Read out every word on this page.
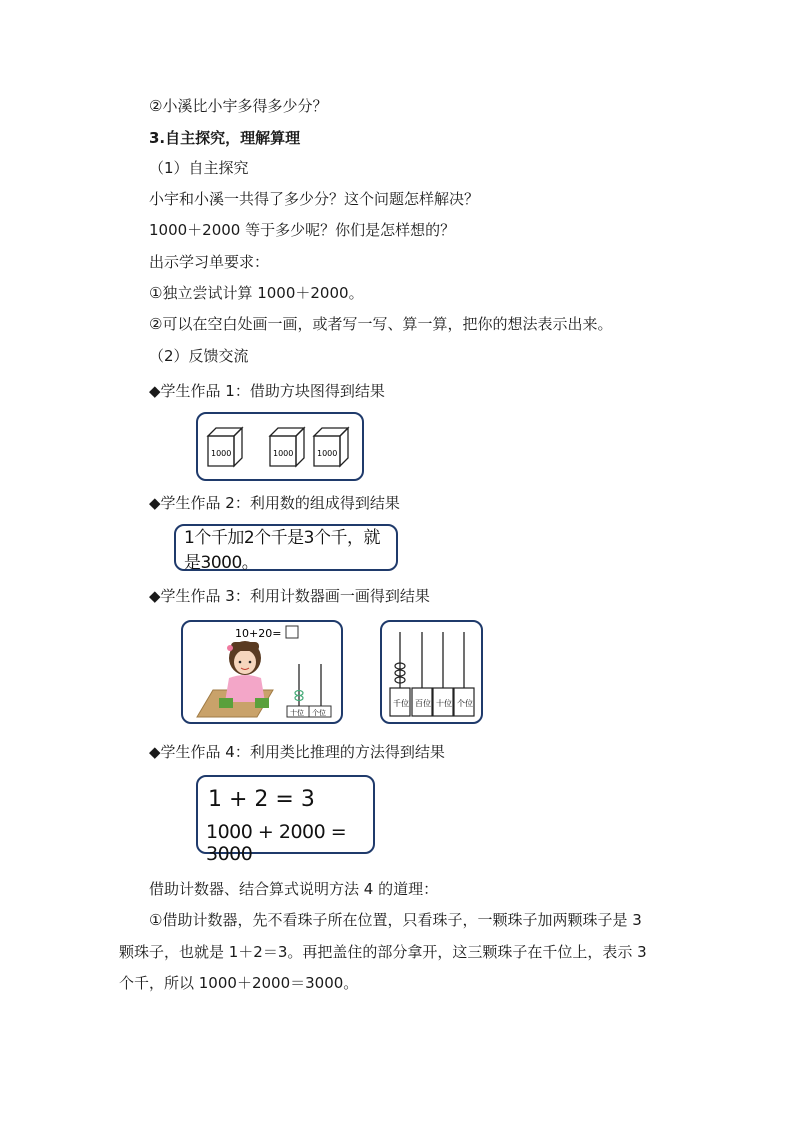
②小溪比小宇多得多少分？
3.自主探究，理解算理
（1）自主探究
小宇和小溪一共得了多少分？这个问题怎样解决？
1000＋2000 等于多少呢？你们是怎样想的？
出示学习单要求：
①独立尝试计算 1000＋2000。
②可以在空白处画一画，或者写一写、算一算，把你的想法表示出来。
（2）反馈交流
◆学生作品 1：借助方块图得到结果
1000	1000	1000
◆学生作品 2：利用数的组成得到结果
1个千加2个千是3个千，就是3000。
◆学生作品 3：利用计数器画一画得到结果
10+20=
十位 个位
千位 百位 十位 个位
◆学生作品 4：利用类比推理的方法得到结果
1 + 2 = 3
1000 + 2000 = 3000
借助计数器、结合算式说明方法 4 的道理：
①借助计数器，先不看珠子所在位置，只看珠子，一颗珠子加两颗珠子是 3
颗珠子，也就是 1＋2＝3。再把盖住的部分拿开，这三颗珠子在千位上，表示 3
个千，所以 1000＋2000＝3000。
